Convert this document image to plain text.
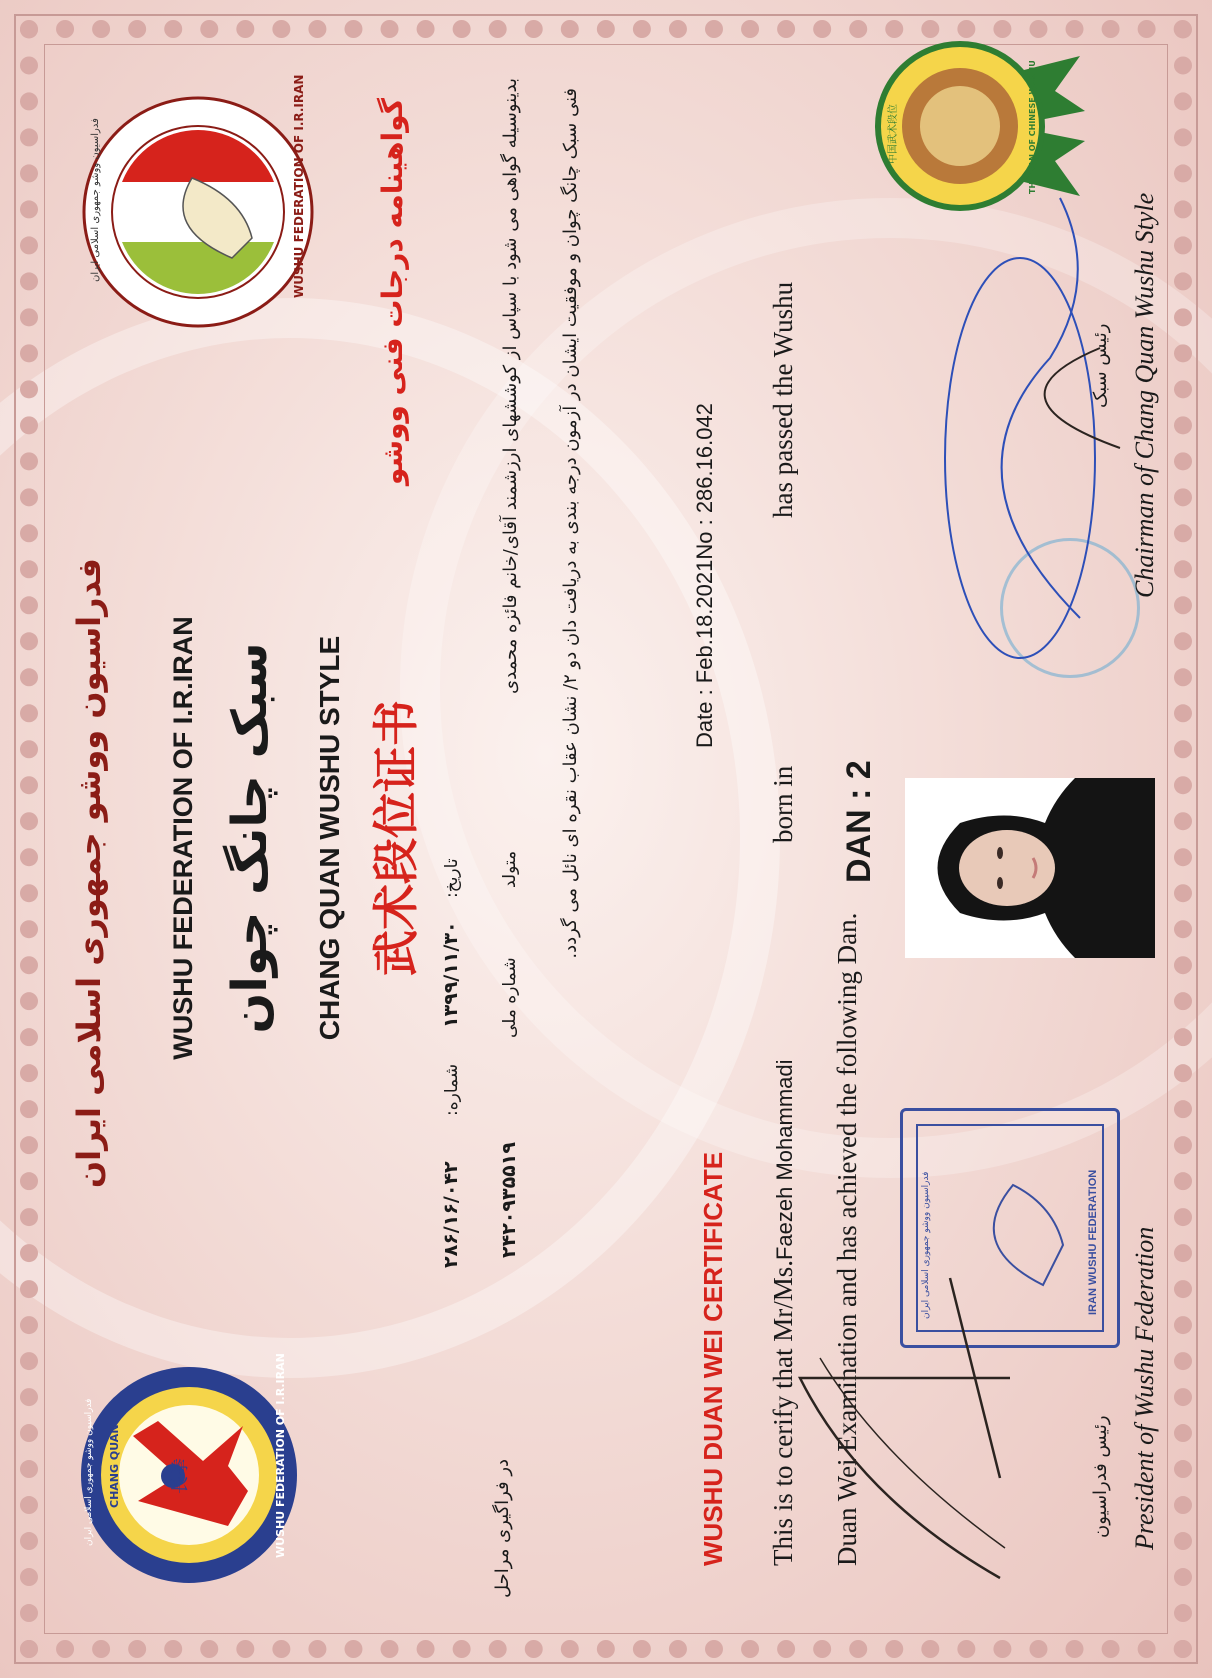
WUSHU FEDERATION OF I.R.IRAN
CHANG QUAN
فدراسیون ووشو جمهوری اسلامی ایران	長拳
WUSHU FEDERATION OF I.R.IRAN
فدراسیون ووشو جمهوری اسلامی ایران	THE DAN OF CHINESE WUSHU
中国武术段位
فدراسیون ووشو جمهوری اسلامی ایران WUSHU FEDERATION OF I.R.IRAN سبک چانگ چوان CHANG QUAN WUSHU STYLE 武术段位证书
گواهینامه درجات فنی ووشو
شماره:
۲۸۶/۱۶/۰۴۲
تاریخ:
۱۳۹۹/۱۱/۳۰ شماره ملی
۲۴۲۰۹۳۵۵۱۹
متولد
بدینوسیله گواهی می شود با سپاس از کوششهای ارزشمند آقای/خانم فائزه محمدی
فنی سبک چانگ چوان و موفقیت ایشان در آزمون درجه بندی به دریافت دان دو ۲/ نشان عقاب نقره ای نائل می گردد.
در فراگیری مراحل	WUSHU DUAN WEI CERTIFICATE
Date : Feb.18.2021No : 286.16.042
This is to cerify that Mr/Ms.Faezeh Mohammadi
born in
has passed the Wushu
Duan Wei Examination and has achieved the following Dan.
DAN : 2
IRAN WUSHU FEDERATION
فدراسیون ووشو جمهوری اسلامی ایران
رئیس فدراسیون President of Wushu Federation
رئیس سبک Chairman of Chang Quan Wushu Style
